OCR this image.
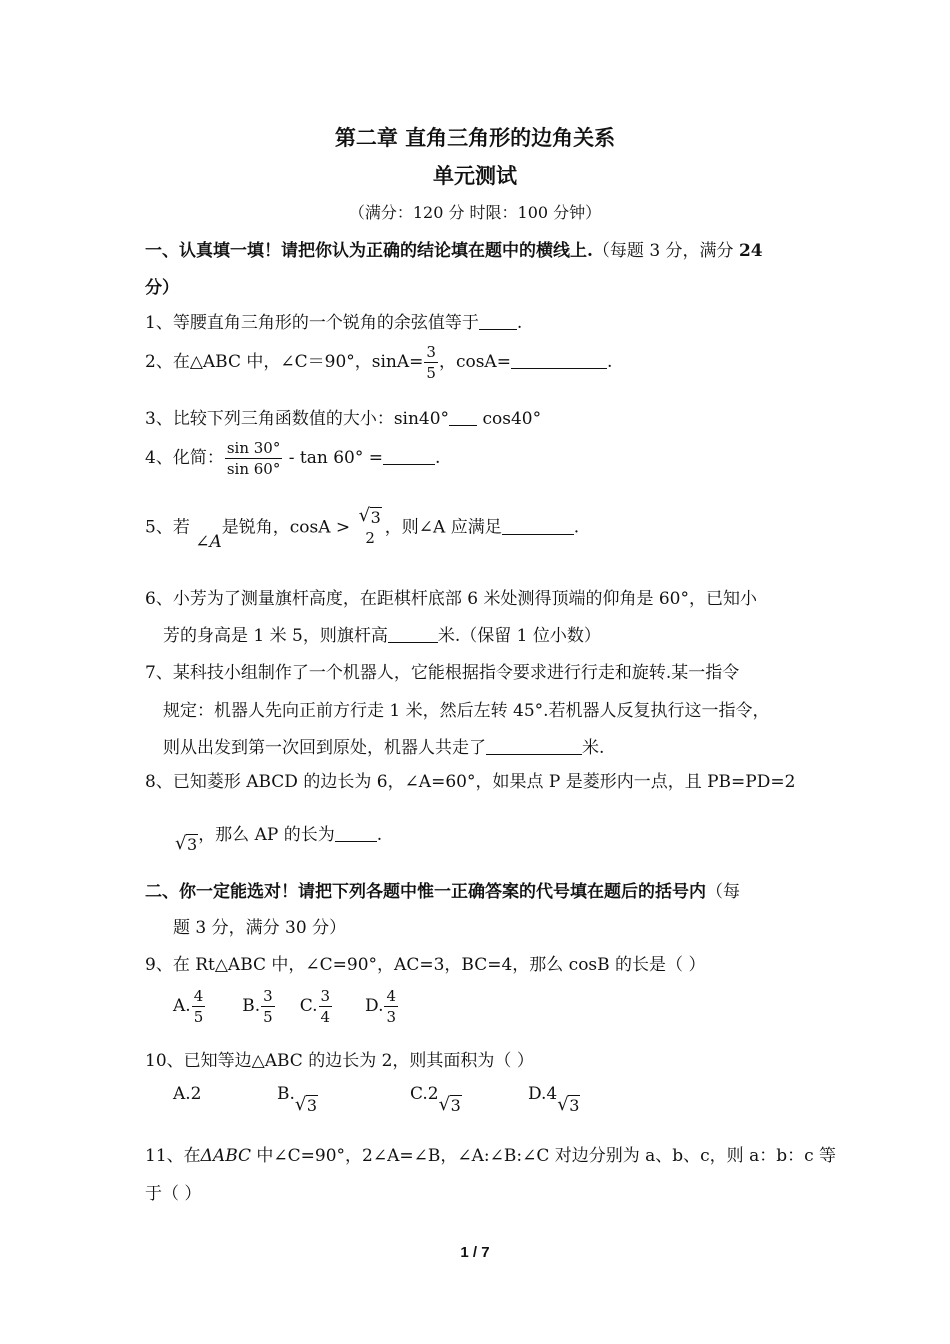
第二章 直角三角形的边角关系
单元测试
（满分：120 分 时限：100 分钟）
一、认真填一填！请把你认为正确的结论填在题中的横线上.（每题 3 分，满分 24
分）
1、等腰直角三角形的一个锐角的余弦值等于 .
2、在△ABC 中，∠C＝90°，$\sin A= \frac{3}{5}$ ，cosA=	.
3、比较下列三角函数值的大小：sin40° cos40°
4、化简： $\frac{\sin 30^\circ}{\sin 60^\circ}$ - tan 60° =	.
5、若 ∠A是锐角，cosA >
√ 3
2
，则∠A 应满足	.
6、小芳为了测量旗杆高度，在距棋杆底部 6 米处测得顶端的仰角是 60°，已知小
芳的身高是 1 米 5，则旗杆高	米.（保留 1 位小数）
7、某科技小组制作了一个机器人，它能根据指令要求进行行走和旋转.某一指令
规定：机器人先向正前方行走 1 米，然后左转 45°.若机器人反复执行这一指令，
则从出发到第一次回到原处，机器人共走了	米.
8、已知菱形 ABCD 的边长为 6，∠A=60°，如果点 P 是菱形内一点，且 PB=PD=2
√ 3，那么 AP 的长为 .
二、你一定能选对！请把下列各题中惟一正确答案的代号填在题后的括号内（每
题 3 分，满分 30 分）
9、在 Rt△ABC 中，∠C=90°，AC=3，BC=4，那么 cosB 的长是（ ）
A. $\frac{4}{5} B$. $\frac{3}{5} C$. $\frac{3}{4} D$. $\frac{4}{3}$
10、已知等边△ABC 的边长为 2，则其面积为（ ）
A.2	B. √ 3
C.2 √ 3
D.4 √ 3
11、在ΔABC 中∠C=90°，2∠A=∠B，∠A:∠B:∠C 对边分别为 a、b、c，则 a：b：c 等
于（ ）
1 / 7
